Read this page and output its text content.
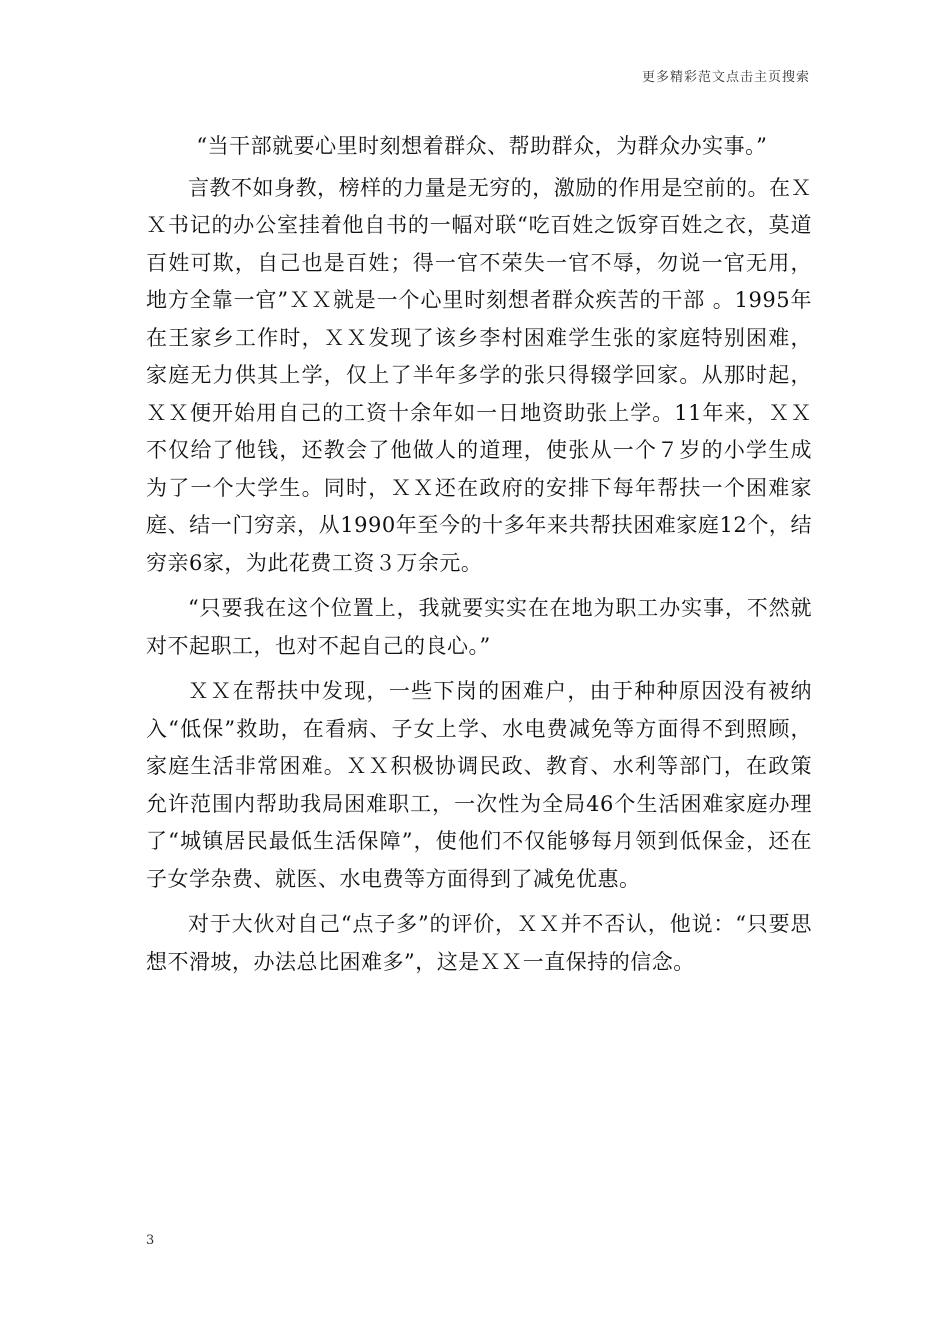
更多精彩范文点击主页搜索

“当干部就要心里时刻想着群众、帮助群众，为群众办实事。”

言教不如身教，榜样的力量是无穷的，激励的作用是空前的。在ＸＸ书记的办公室挂着他自书的一幅对联“吃百姓之饭穿百姓之衣，莫道百姓可欺，自己也是百姓；得一官不荣失一官不辱，勿说一官无用，地方全靠一官”ＸＸ就是一个心里时刻想者群众疾苦的干部 。1995年在王家乡工作时，ＸＸ发现了该乡李村困难学生张的家庭特别困难，家庭无力供其上学，仅上了半年多学的张只得辍学回家。从那时起，ＸＸ便开始用自己的工资十余年如一日地资助张上学。11年来，ＸＸ不仅给了他钱，还教会了他做人的道理，使张从一个７岁的小学生成为了一个大学生。同时，ＸＸ还在政府的安排下每年帮扶一个困难家庭、结一门穷亲，从1990年至今的十多年来共帮扶困难家庭12个，结穷亲6家，为此花费工资３万余元。

“只要我在这个位置上，我就要实实在在地为职工办实事，不然就对不起职工，也对不起自己的良心。”

ＸＸ在帮扶中发现，一些下岗的困难户，由于种种原因没有被纳入“低保”救助，在看病、子女上学、水电费减免等方面得不到照顾，家庭生活非常困难。ＸＸ积极协调民政、教育、水利等部门，在政策允许范围内帮助我局困难职工，一次性为全局46个生活困难家庭办理了“城镇居民最低生活保障”，使他们不仅能够每月领到低保金，还在子女学杂费、就医、水电费等方面得到了减免优惠。

对于大伙对自己“点子多”的评价，ＸＸ并不否认，他说：“只要思想不滑坡，办法总比困难多”，这是ＸＸ一直保持的信念。

3
